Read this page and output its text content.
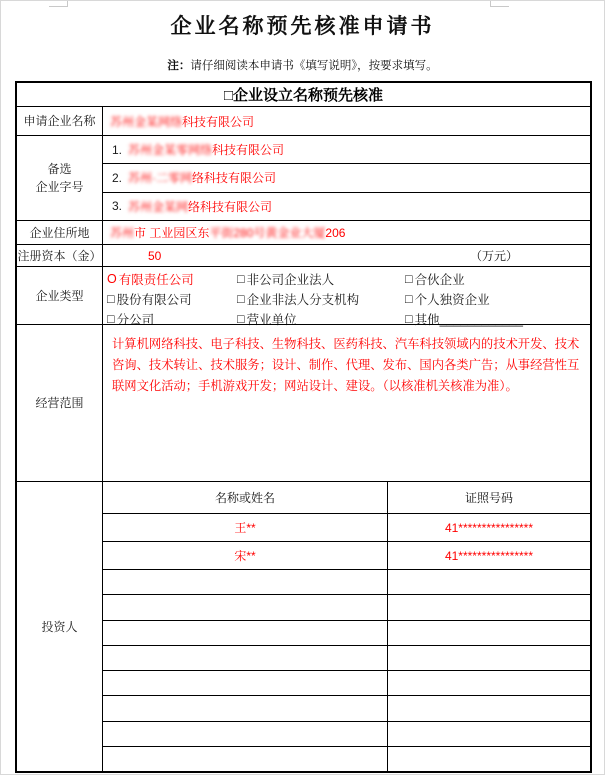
企业名称预先核准申请书
注：请仔细阅读本申请书《填写说明》，按要求填写。
□企业设立名称预先核准
申请企业名称	苏州金某网络 科技有限公司
备选
企业字号
1. 苏州金某零网络 科技有限公司
2. 苏州·二零网 络科技有限公司
3. 苏州金某网 络科技有限公司
企业住所地	苏州 市 工业园区东 平街280号黄金业大厦 206
注册资本（金）	50	（万元）
企业类型
O 有限责任公司	□ 非公司企业法人	□ 合伙企业
□ 股份有限公司	□ 企业非法人分支机构	□ 个人独资企业
□ 分公司	□ 营业单位	□ 其他____________
经营范围
计算机网络科技、电子科技、生物科技、医药科技、汽车科技领域内的技术开发、技术咨询、技术转让、技术服务；设计、制作、代理、发布、国内各类广告；从事经营性互联网文化活动；手机游戏开发；网站设计、建设。（以核准机关核准为准）。
投资人
名称或姓名	证照号码
王**	41****************
宋**	41****************
